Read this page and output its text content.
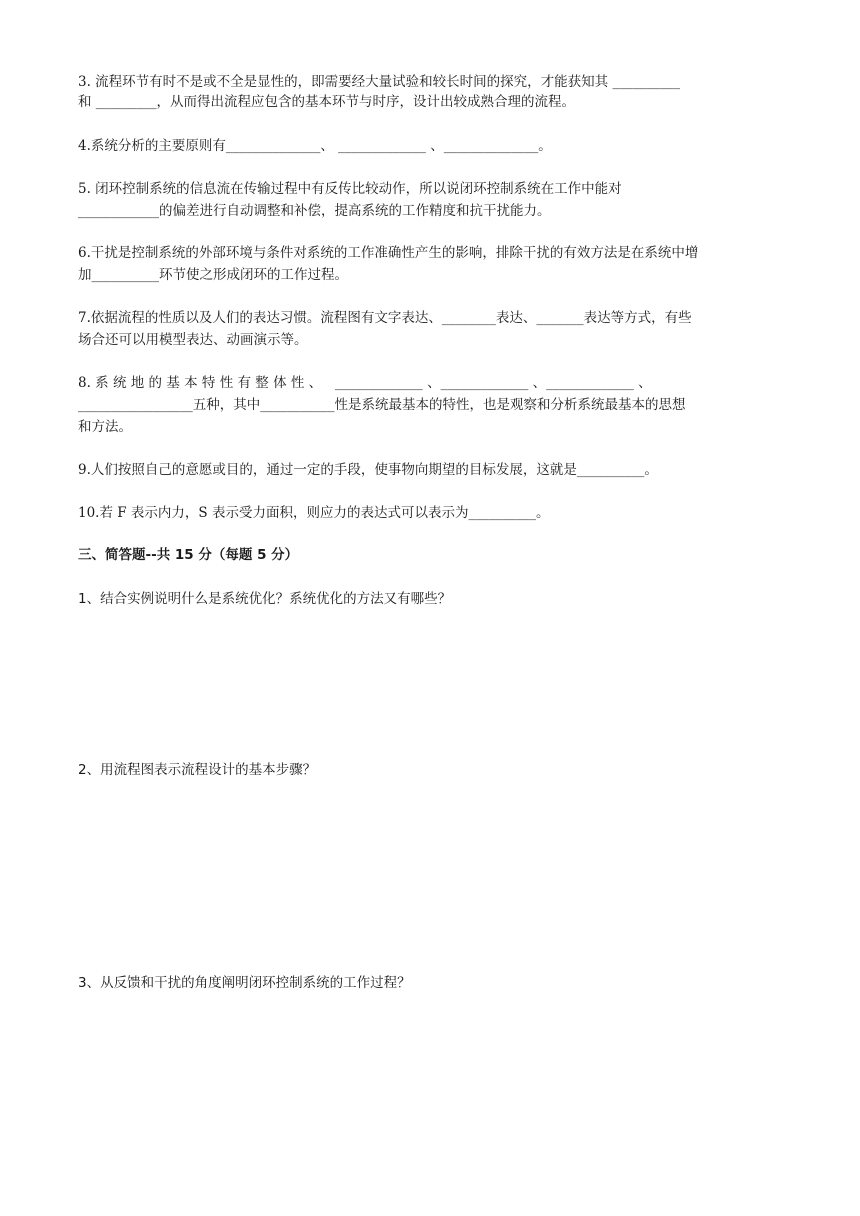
3. 流程环节有时不是或不全是显性的，即需要经大量试验和较长时间的探究，才能获知其 __________

和 _________，从而得出流程应包含的基本环节与时序，设计出较成熟合理的流程。

4.系统分析的主要原则有______________、 _____________ 、______________。

5. 闭环控制系统的信息流在传输过程中有反传比较动作，所以说闭环控制系统在工作中能对

____________的偏差进行自动调整和补偿，提高系统的工作精度和抗干扰能力。

6.干扰是控制系统的外部环境与条件对系统的工作准确性产生的影响，排除干扰的有效方法是在系统中增

加__________环节使之形成闭环的工作过程。

7.依据流程的性质以及人们的表达习惯。流程图有文字表达、________表达、_______表达等方式，有些

场合还可以用模型表达、动画演示等。

8. 系 统 地 的 基 本 特 性 有 整 体 性 、   _____________ 、_____________ 、_____________ 、

_________________五种，其中___________性是系统最基本的特性，也是观察和分析系统最基本的思想

和方法。

9.人们按照自己的意愿或目的，通过一定的手段，使事物向期望的目标发展，这就是__________。

10.若 F 表示内力，S 表示受力面积，则应力的表达式可以表示为__________。

三、简答题--共 15 分（每题 5 分）

1、结合实例说明什么是系统优化？系统优化的方法又有哪些？

2、用流程图表示流程设计的基本步骤？

3、从反馈和干扰的角度阐明闭环控制系统的工作过程？
